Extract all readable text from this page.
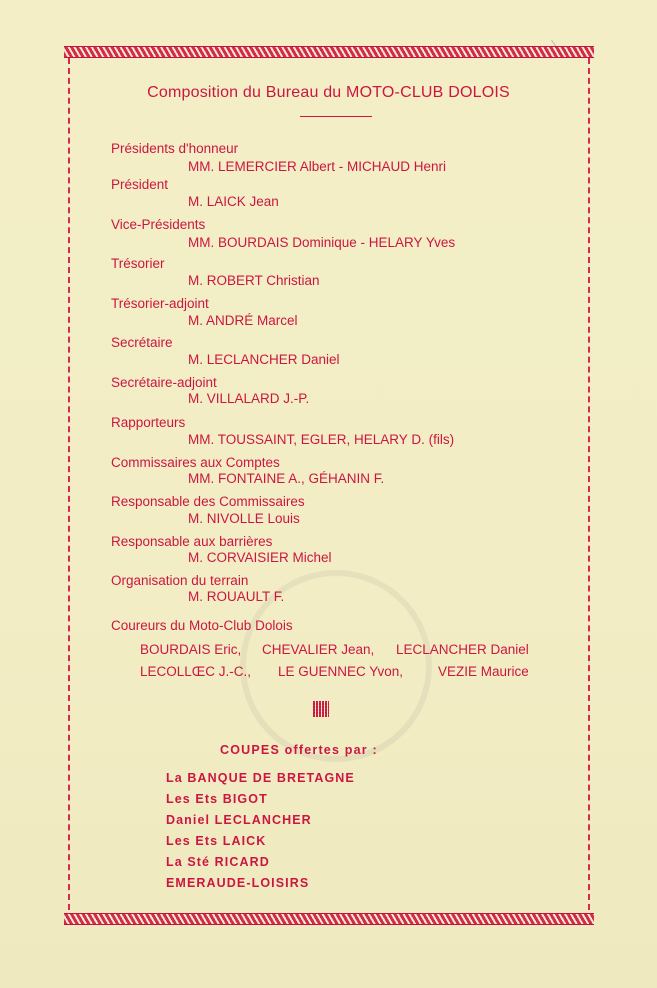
Composition du Bureau du MOTO-CLUB DOLOIS
Présidents d'honneur
MM. LEMERCIER Albert - MICHAUD Henri
Président
M. LAICK Jean
Vice-Présidents
MM. BOURDAIS Dominique - HELARY Yves
Trésorier
M. ROBERT Christian
Trésorier-adjoint
M. ANDRÉ Marcel
Secrétaire
M. LECLANCHER Daniel
Secrétaire-adjoint
M. VILLALARD J.-P.
Rapporteurs
MM. TOUSSAINT, EGLER, HELARY D. (fils)
Commissaires aux Comptes
MM. FONTAINE A., GÉHANIN F.
Responsable des Commissaires
M. NIVOLLE Louis
Responsable aux barrières
M. CORVAISIER Michel
Organisation du terrain
M. ROUAULT F.
Coureurs du Moto-Club Dolois
BOURDAIS Eric, CHEVALIER Jean, LECLANCHER Daniel
LECOLLŒC J.-C., LE GUENNEC Yvon,	VEZIE Maurice
COUPES offertes par :
La BANQUE DE BRETAGNE
Les Ets BIGOT
Daniel LECLANCHER
Les Ets LAICK
La Sté RICARD
EMERAUDE-LOISIRS
